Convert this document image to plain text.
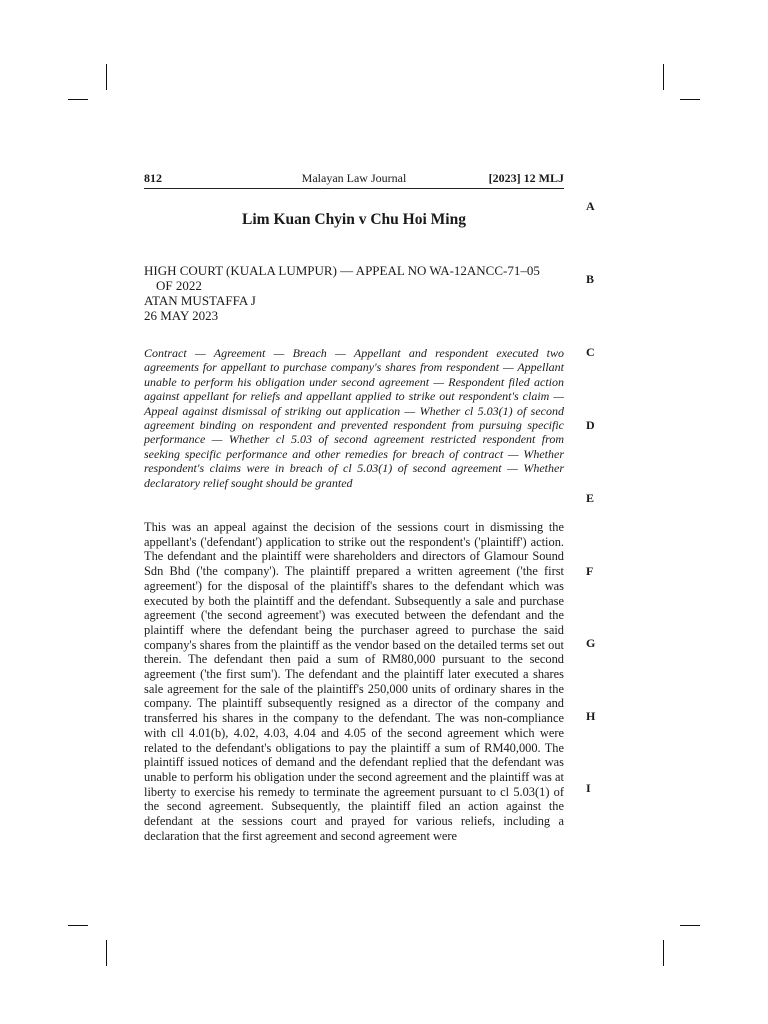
812	Malayan Law Journal	[2023] 12 MLJ
A
B
C
D
E
F
G
H
I
Lim Kuan Chyin v Chu Hoi Ming
HIGH COURT (KUALA LUMPUR) — APPEAL NO WA-12ANCC-71–05
OF 2022
ATAN MUSTAFFA J
26 MAY 2023
Contract — Agreement — Breach — Appellant and respondent executed two agreements for appellant to purchase company's shares from respondent — Appellant unable to perform his obligation under second agreement — Respondent filed action against appellant for reliefs and appellant applied to strike out respondent's claim — Appeal against dismissal of striking out application — Whether cl 5.03(1) of second agreement binding on respondent and prevented respondent from pursuing specific performance — Whether cl 5.03 of second agreement restricted respondent from seeking specific performance and other remedies for breach of contract — Whether respondent's claims were in breach of cl 5.03(1) of second agreement — Whether declaratory relief sought should be granted
This was an appeal against the decision of the sessions court in dismissing the appellant's ('defendant') application to strike out the respondent's ('plaintiff') action. The defendant and the plaintiff were shareholders and directors of Glamour Sound Sdn Bhd ('the company'). The plaintiff prepared a written agreement ('the first agreement') for the disposal of the plaintiff's shares to the defendant which was executed by both the plaintiff and the defendant. Subsequently a sale and purchase agreement ('the second agreement') was executed between the defendant and the plaintiff where the defendant being the purchaser agreed to purchase the said company's shares from the plaintiff as the vendor based on the detailed terms set out therein. The defendant then paid a sum of RM80,000 pursuant to the second agreement ('the first sum'). The defendant and the plaintiff later executed a shares sale agreement for the sale of the plaintiff's 250,000 units of ordinary shares in the company. The plaintiff subsequently resigned as a director of the company and transferred his shares in the company to the defendant. The was non-compliance with cll 4.01(b), 4.02, 4.03, 4.04 and 4.05 of the second agreement which were related to the defendant's obligations to pay the plaintiff a sum of RM40,000. The plaintiff issued notices of demand and the defendant replied that the defendant was unable to perform his obligation under the second agreement and the plaintiff was at liberty to exercise his remedy to terminate the agreement pursuant to cl 5.03(1) of the second agreement. Subsequently, the plaintiff filed an action against the defendant at the sessions court and prayed for various reliefs, including a declaration that the first agreement and second agreement were
